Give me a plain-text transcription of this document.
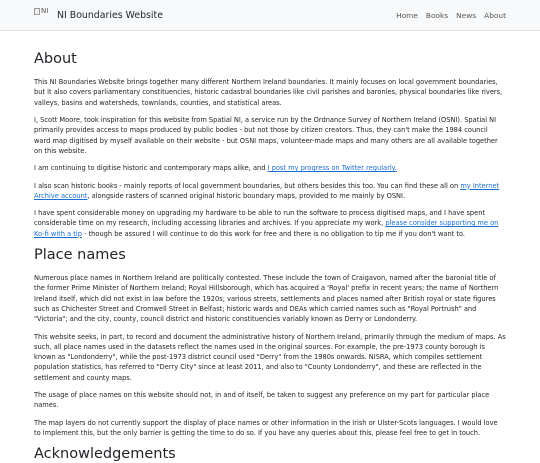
NI NI Boundaries Website	Home Books News About
About

This NI Boundaries Website brings together many different Northern Ireland boundaries. It mainly focuses on local government boundaries, but it also covers parliamentary constituencies, historic cadastral boundaries like civil parishes and baronies, physical boundaries like rivers, valleys, basins and watersheds, townlands, counties, and statistical areas.

I, Scott Moore, took inspiration for this website from Spatial NI, a service run by the Ordnance Survey of Northern Ireland (OSNI). Spatial NI primarily provides access to maps produced by public bodies - but not those by citizen creators. Thus, they can't make the 1984 council ward map digitised by myself available on their website - but OSNI maps, volunteer-made maps and many others are all available together on this website.

I am continuing to digitise historic and contemporary maps alike, and I post my progress on Twitter regularly.

I also scan historic books - mainly reports of local government boundaries, but others besides this too. You can find these all on my Internet Archive account, alongside rasters of scanned original historic boundary maps, provided to me mainly by OSNI.

I have spent considerable money on upgrading my hardware to be able to run the software to process digitised maps, and I have spent considerable time on my research, including accessing libraries and archives. If you appreciate my work, please consider supporting me on Ko-fi with a tip - though be assured I will continue to do this work for free and there is no obligation to tip me if you don't want to.

Place names

Numerous place names in Northern Ireland are politically contested. These include the town of Craigavon, named after the baronial title of the former Prime Minister of Northern Ireland; Royal Hillsborough, which has acquired a 'Royal' prefix in recent years; the name of Northern Ireland itself, which did not exist in law before the 1920s; various streets, settlements and places named after British royal or state figures such as Chichester Street and Cromwell Street in Belfast; historic wards and DEAs which carried names such as "Royal Portrush" and "Victoria"; and the city, county, council district and historic constituencies variably known as Derry or Londonderry.

This website seeks, in part, to record and document the administrative history of Northern Ireland, primarily through the medium of maps. As such, all place names used in the datasets reflect the names used in the original sources. For example, the pre-1973 county borough is known as "Londonderry", while the post-1973 district council used "Derry" from the 1980s onwards. NISRA, which compiles settlement population statistics, has referred to "Derry City" since at least 2011, and also to "County Londonderry", and these are reflected in the settlement and county maps.

The usage of place names on this website should not, in and of itself, be taken to suggest any preference on my part for particular place names.

The map layers do not currently support the display of place names or other information in the Irish or Ulster-Scots languages. I would love to implement this, but the only barrier is getting the time to do so. If you have any queries about this, please feel free to get in touch.

Acknowledgements
